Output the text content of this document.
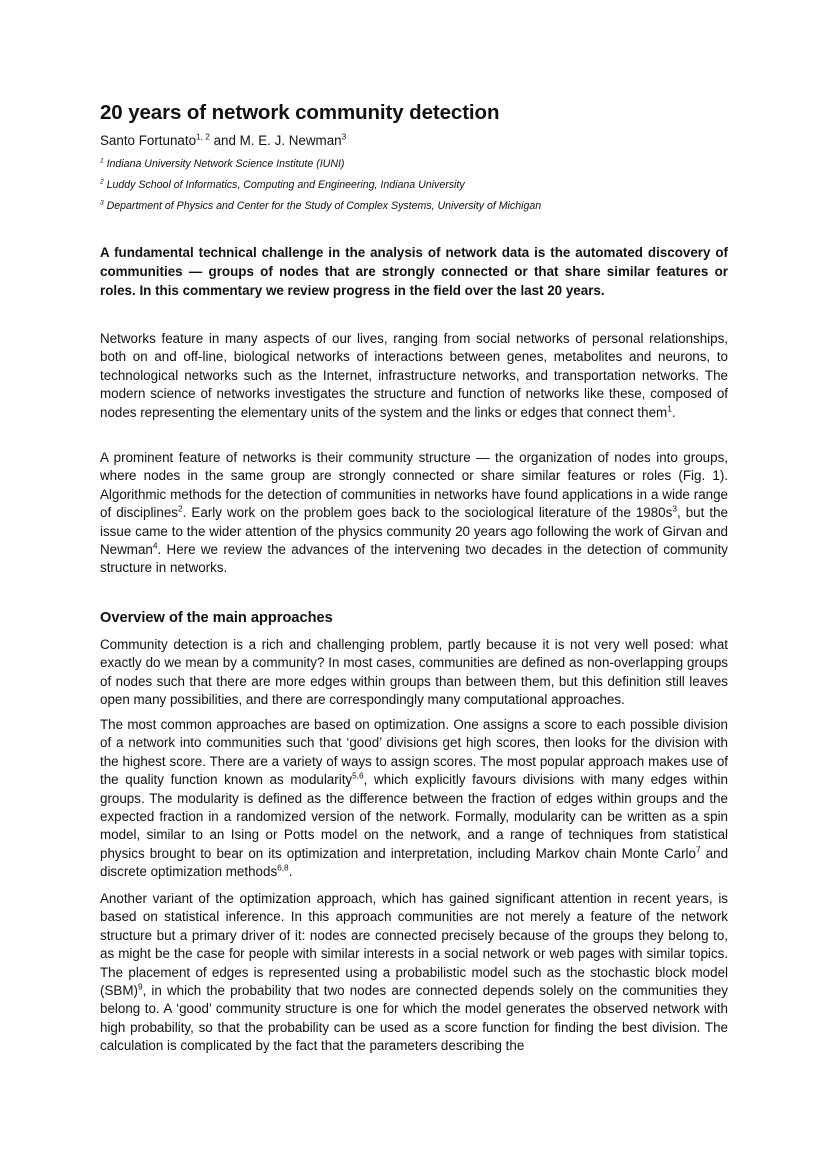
20 years of network community detection
Santo Fortunato$^{1, 2}$ and M. E. J. Newman$^3$
$^1$ Indiana University Network Science Institute (IUNI)
$^2$ Luddy School of Informatics, Computing and Engineering, Indiana University
$^3$ Department of Physics and Center for the Study of Complex Systems, University of Michigan
A fundamental technical challenge in the analysis of network data is the automated discovery of communities — groups of nodes that are strongly connected or that share similar features or roles. In this commentary we review progress in the field over the last 20 years.

Networks feature in many aspects of our lives, ranging from social networks of personal relationships, both on and off-line, biological networks of interactions between genes, metabolites and neurons, to technological networks such as the Internet, infrastructure networks, and transportation networks. The modern science of networks investigates the structure and function of networks like these, composed of nodes representing the elementary units of the system and the links or edges that connect them$^1$.

A prominent feature of networks is their community structure — the organization of nodes into groups, where nodes in the same group are strongly connected or share similar features or roles (Fig. 1). Algorithmic methods for the detection of communities in networks have found applications in a wide range of disciplines$^2$. Early work on the problem goes back to the sociological literature of the $1980s^3$, but the issue came to the wider attention of the physics community 20 years ago following the work of Girvan and Newman$^4$. Here we review the advances of the intervening two decades in the detection of community structure in networks.

Overview of the main approaches

Community detection is a rich and challenging problem, partly because it is not very well posed: what exactly do we mean by a community? In most cases, communities are defined as non-overlapping groups of nodes such that there are more edges within groups than between them, but this definition still leaves open many possibilities, and there are correspondingly many computational approaches.

The most common approaches are based on optimization. One assigns a score to each possible division of a network into communities such that ‘good’ divisions get high scores, then looks for the division with the highest score. There are a variety of ways to assign scores. The most popular approach makes use of the quality function known as modularity$^{5,6}$, which explicitly favours divisions with many edges within groups. The modularity is defined as the difference between the fraction of edges within groups and the expected fraction in a randomized version of the network. Formally, modularity can be written as a spin model, similar to an Ising or Potts model on the network, and a range of techniques from statistical physics brought to bear on its optimization and interpretation, including Markov chain Monte Carlo$^7$ and discrete optimization methods$^{6,8}$.

Another variant of the optimization approach, which has gained significant attention in recent years, is based on statistical inference. In this approach communities are not merely a feature of the network structure but a primary driver of it: nodes are connected precisely because of the groups they belong to, as might be the case for people with similar interests in a social network or web pages with similar topics. The placement of edges is represented using a probabilistic model such as the stochastic block model (SBM)$^9$, in which the probability that two nodes are connected depends solely on the communities they belong to. A ‘good’ community structure is one for which the model generates the observed network with high probability, so that the probability can be used as a score function for finding the best division. The calculation is complicated by the fact that the parameters describing the
